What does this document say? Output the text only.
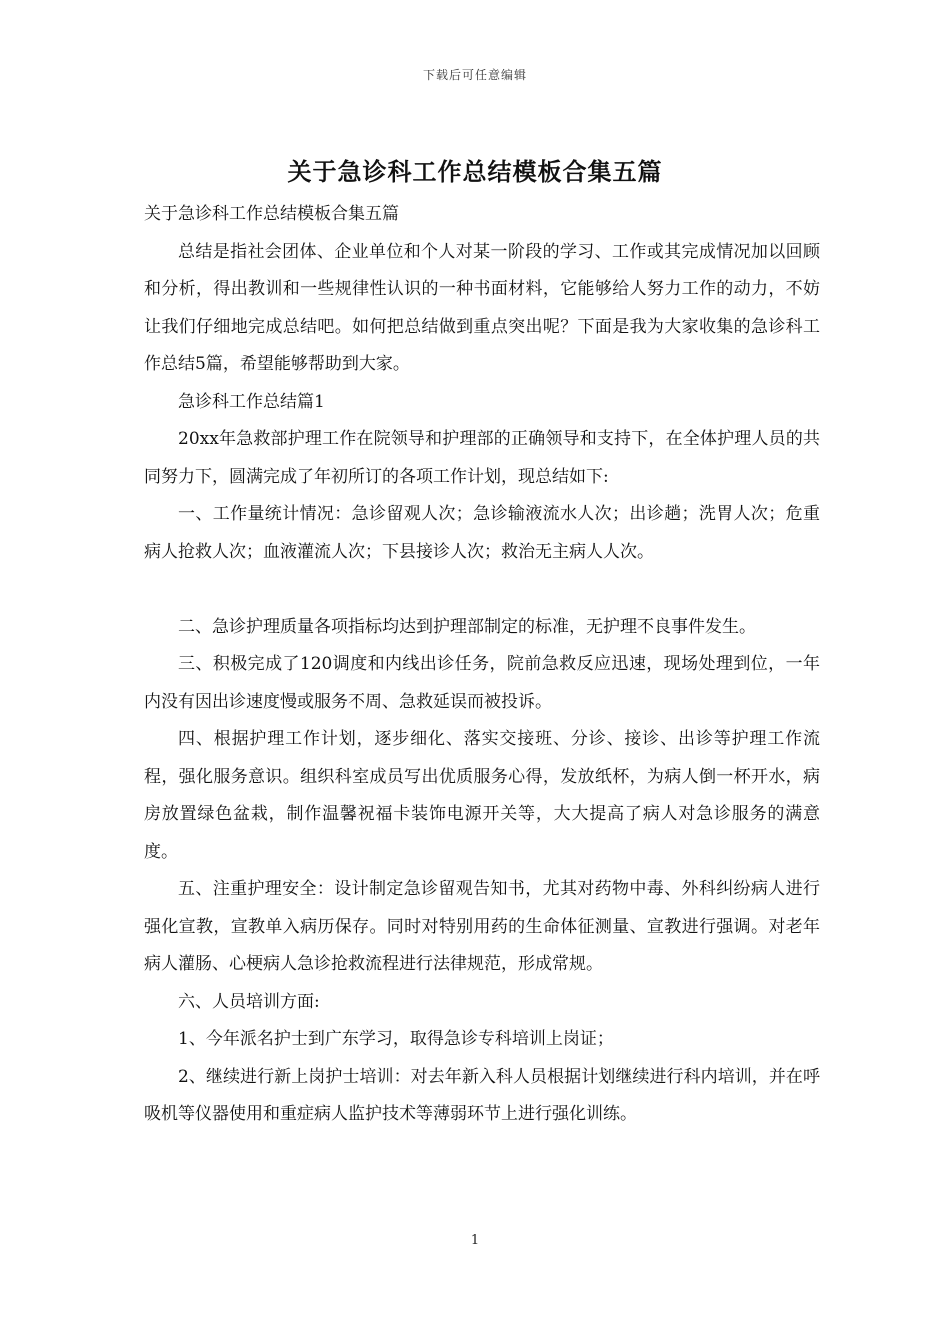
下载后可任意编辑
关于急诊科工作总结模板合集五篇

关于急诊科工作总结模板合集五篇

总结是指社会团体、企业单位和个人对某一阶段的学习、工作或其完成情况加以回顾和分析，得出教训和一些规律性认识的一种书面材料，它能够给人努力工作的动力，不妨让我们仔细地完成总结吧。如何把总结做到重点突出呢？下面是我为大家收集的急诊科工作总结5篇，希望能够帮助到大家。

急诊科工作总结篇1

20xx年急救部护理工作在院领导和护理部的正确领导和支持下，在全体护理人员的共同努力下，圆满完成了年初所订的各项工作计划，现总结如下:

一、工作量统计情况：急诊留观人次；急诊输液流水人次；出诊趟；洗胃人次；危重病人抢救人次；血液灌流人次；下县接诊人次；救治无主病人人次。

二、急诊护理质量各项指标均达到护理部制定的标准，无护理不良事件发生。

三、积极完成了120调度和内线出诊任务，院前急救反应迅速，现场处理到位，一年内没有因出诊速度慢或服务不周、急救延误而被投诉。

四、根据护理工作计划，逐步细化、落实交接班、分诊、接诊、出诊等护理工作流程，强化服务意识。组织科室成员写出优质服务心得，发放纸杯，为病人倒一杯开水，病房放置绿色盆栽，制作温馨祝福卡装饰电源开关等，大大提高了病人对急诊服务的满意度。

五、注重护理安全：设计制定急诊留观告知书，尤其对药物中毒、外科纠纷病人进行强化宣教，宣教单入病历保存。同时对特别用药的生命体征测量、宣教进行强调。对老年病人灌肠、心梗病人急诊抢救流程进行法律规范，形成常规。

六、人员培训方面:

1、今年派名护士到广东学习，取得急诊专科培训上岗证；

2、继续进行新上岗护士培训：对去年新入科人员根据计划继续进行科内培训，并在呼吸机等仪器使用和重症病人监护技术等薄弱环节上进行强化训练。

1
